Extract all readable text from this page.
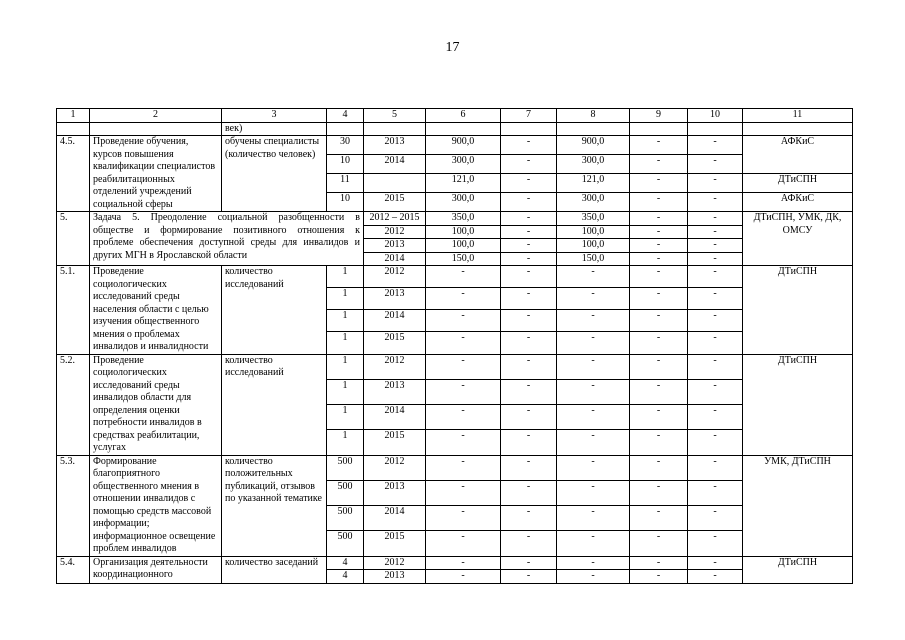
17
1	2	3	4	5	6	7	8	9	10	11
		век)								
4.5.	Проведение обучения, курсов повышения квалификации специалистов реабилитационных отделений учреждений социальной сферы	обучены специалисты (количество человек)	30	2013	900,0	-	900,0	-	-	АФКиС
			10	2014	300,0	-	300,0	-	-	
			11		121,0	-	121,0	-	-	ДТиСПН
			10	2015	300,0	-	300,0	-	-	АФКиС
5.	Задача 5. Преодоление социальной разобщенности в обществе и формирование позитивного отношения к проблеме обеспечения доступной среды для инвалидов и других МГН в Ярославской области			2012 – 2015	350,0	-	350,0	-	-	ДТиСПН, УМК, ДК, ОМСУ
				2012	100,0	-	100,0	-	-	
				2013	100,0	-	100,0	-	-	
				2014	150,0	-	150,0	-	-	
5.1.	Проведение социологических исследований среды населения области с целью изучения общественного мнения о проблемах инвалидов и инвалидности	количество исследований	1	2012	-	-	-	-	-	ДТиСПН
			1	2013	-	-	-	-	-	
			1	2014	-	-	-	-	-	
			1	2015	-	-	-	-	-	
5.2.	Проведение социологических исследований среды инвалидов области для определения оценки потребности инвалидов в средствах реабилитации, услугах	количество исследований	1	2012	-	-	-	-	-	ДТиСПН
			1	2013	-	-	-	-	-	
			1	2014	-	-	-	-	-	
			1	2015	-	-	-	-	-	
5.3.	Формирование благоприятного общественного мнения в отношении инвалидов с помощью средств массовой информации; информационное освещение проблем инвалидов	количество положительных публикаций, отзывов по указанной тематике	500	2012	-	-	-	-	-	УМК, ДТиСПН
			500	2013	-	-	-	-	-	
			500	2014	-	-	-	-	-	
			500	2015	-	-	-	-	-	
5.4.	Организация деятельности координационного	количество заседаний	4	2012	-	-	-	-	-	ДТиСПН
			4	2013	-	-	-	-	-	
